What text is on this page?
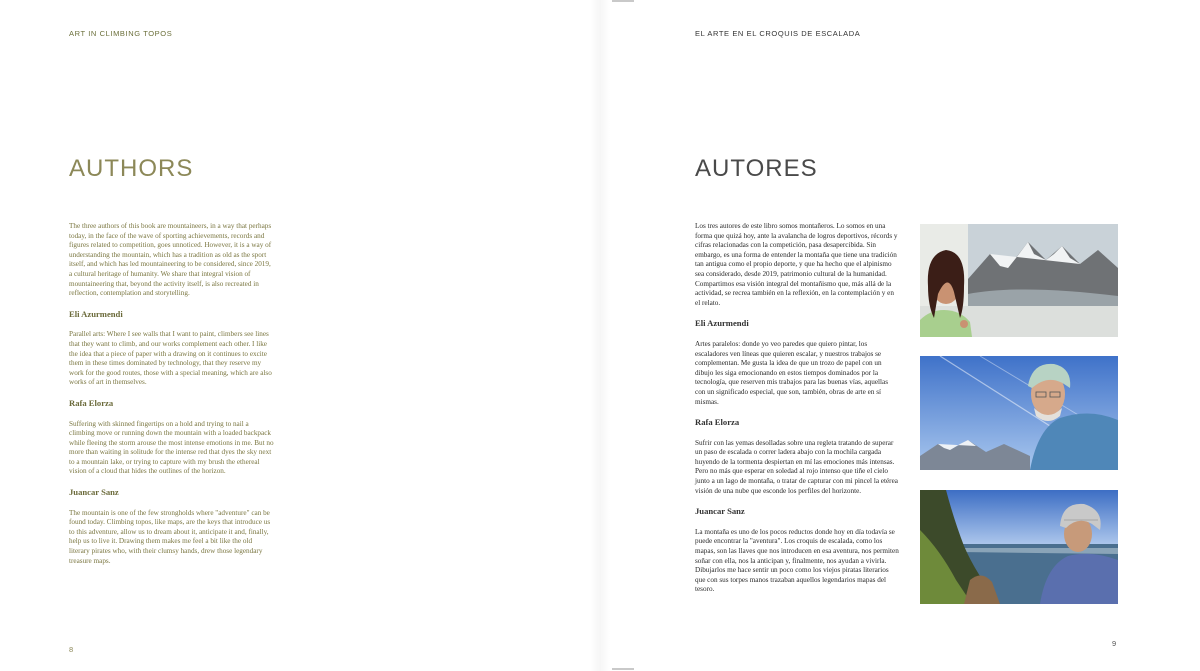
ART IN CLIMBING TOPOS
AUTHORS

The three authors of this book are mountaineers, in a way that perhaps today, in the face of the wave of sporting achievements, records and figures related to competition, goes unnoticed. However, it is a way of understanding the mountain, which has a tradition as old as the sport itself, and which has led mountaineering to be considered, since 2019, a cultural heritage of humanity. We share that integral vision of mountaineering that, beyond the activity itself, is also recreated in reflection, contemplation and storytelling.

Eli Azurmendi

Parallel arts: Where I see walls that I want to paint, climbers see lines that they want to climb, and our works complement each other. I like the idea that a piece of paper with a drawing on it continues to excite them in these times dominated by technology, that they reserve my work for the good routes, those with a special meaning, which are also works of art in themselves.

Rafa Elorza

Suffering with skinned fingertips on a hold and trying to nail a climbing move or running down the mountain with a loaded backpack while fleeing the storm arouse the most intense emotions in me. But no more than waiting in solitude for the intense red that dyes the sky next to a mountain lake, or trying to capture with my brush the ethereal vision of a cloud that hides the outlines of the horizon.

Juancar Sanz

The mountain is one of the few strongholds where "adventure" can be found today. Climbing topos, like maps, are the keys that introduce us to this adventure, allow us to dream about it, anticipate it and, finally, help us to live it. Drawing them makes me feel a bit like the old literary pirates who, with their clumsy hands, drew those legendary treasure maps.

8
EL ARTE EN EL CROQUIS DE ESCALADA
AUTORES

Los tres autores de este libro somos montañeros. Lo somos en una forma que quizá hoy, ante la avalancha de logros deportivos, récords y cifras relacionadas con la competición, pasa desapercibida. Sin embargo, es una forma de entender la montaña que tiene una tradición tan antigua como el propio deporte, y que ha hecho que el alpinismo sea considerado, desde 2019, patrimonio cultural de la humanidad. Compartimos esa visión integral del montañismo que, más allá de la actividad, se recrea también en la reflexión, en la contemplación y en el relato.

Eli Azurmendi

Artes paralelos: donde yo veo paredes que quiero pintar, los escaladores ven líneas que quieren escalar, y nuestros trabajos se complementan. Me gusta la idea de que un trozo de papel con un dibujo les siga emocionando en estos tiempos dominados por la tecnología, que reserven mis trabajos para las buenas vías, aquellas con un significado especial, que son, también, obras de arte en sí mismas.

Rafa Elorza

Sufrir con las yemas desolladas sobre una regleta tratando de superar un paso de escalada o correr ladera abajo con la mochila cargada huyendo de la tormenta despiertan en mí las emociones más intensas. Pero no más que esperar en soledad al rojo intenso que tiñe el cielo junto a un lago de montaña, o tratar de capturar con mi pincel la etérea visión de una nube que esconde los perfiles del horizonte.

Juancar Sanz

La montaña es uno de los pocos reductos donde hoy en día todavía se puede encontrar la "aventura". Los croquis de escalada, como los mapas, son las llaves que nos introducen en esa aventura, nos permiten soñar con ella, nos la anticipan y, finalmente, nos ayudan a vivirla. Dibujarlos me hace sentir un poco como los viejos piratas literarios que con sus torpes manos trazaban aquellos legendarios mapas del tesoro.

9
